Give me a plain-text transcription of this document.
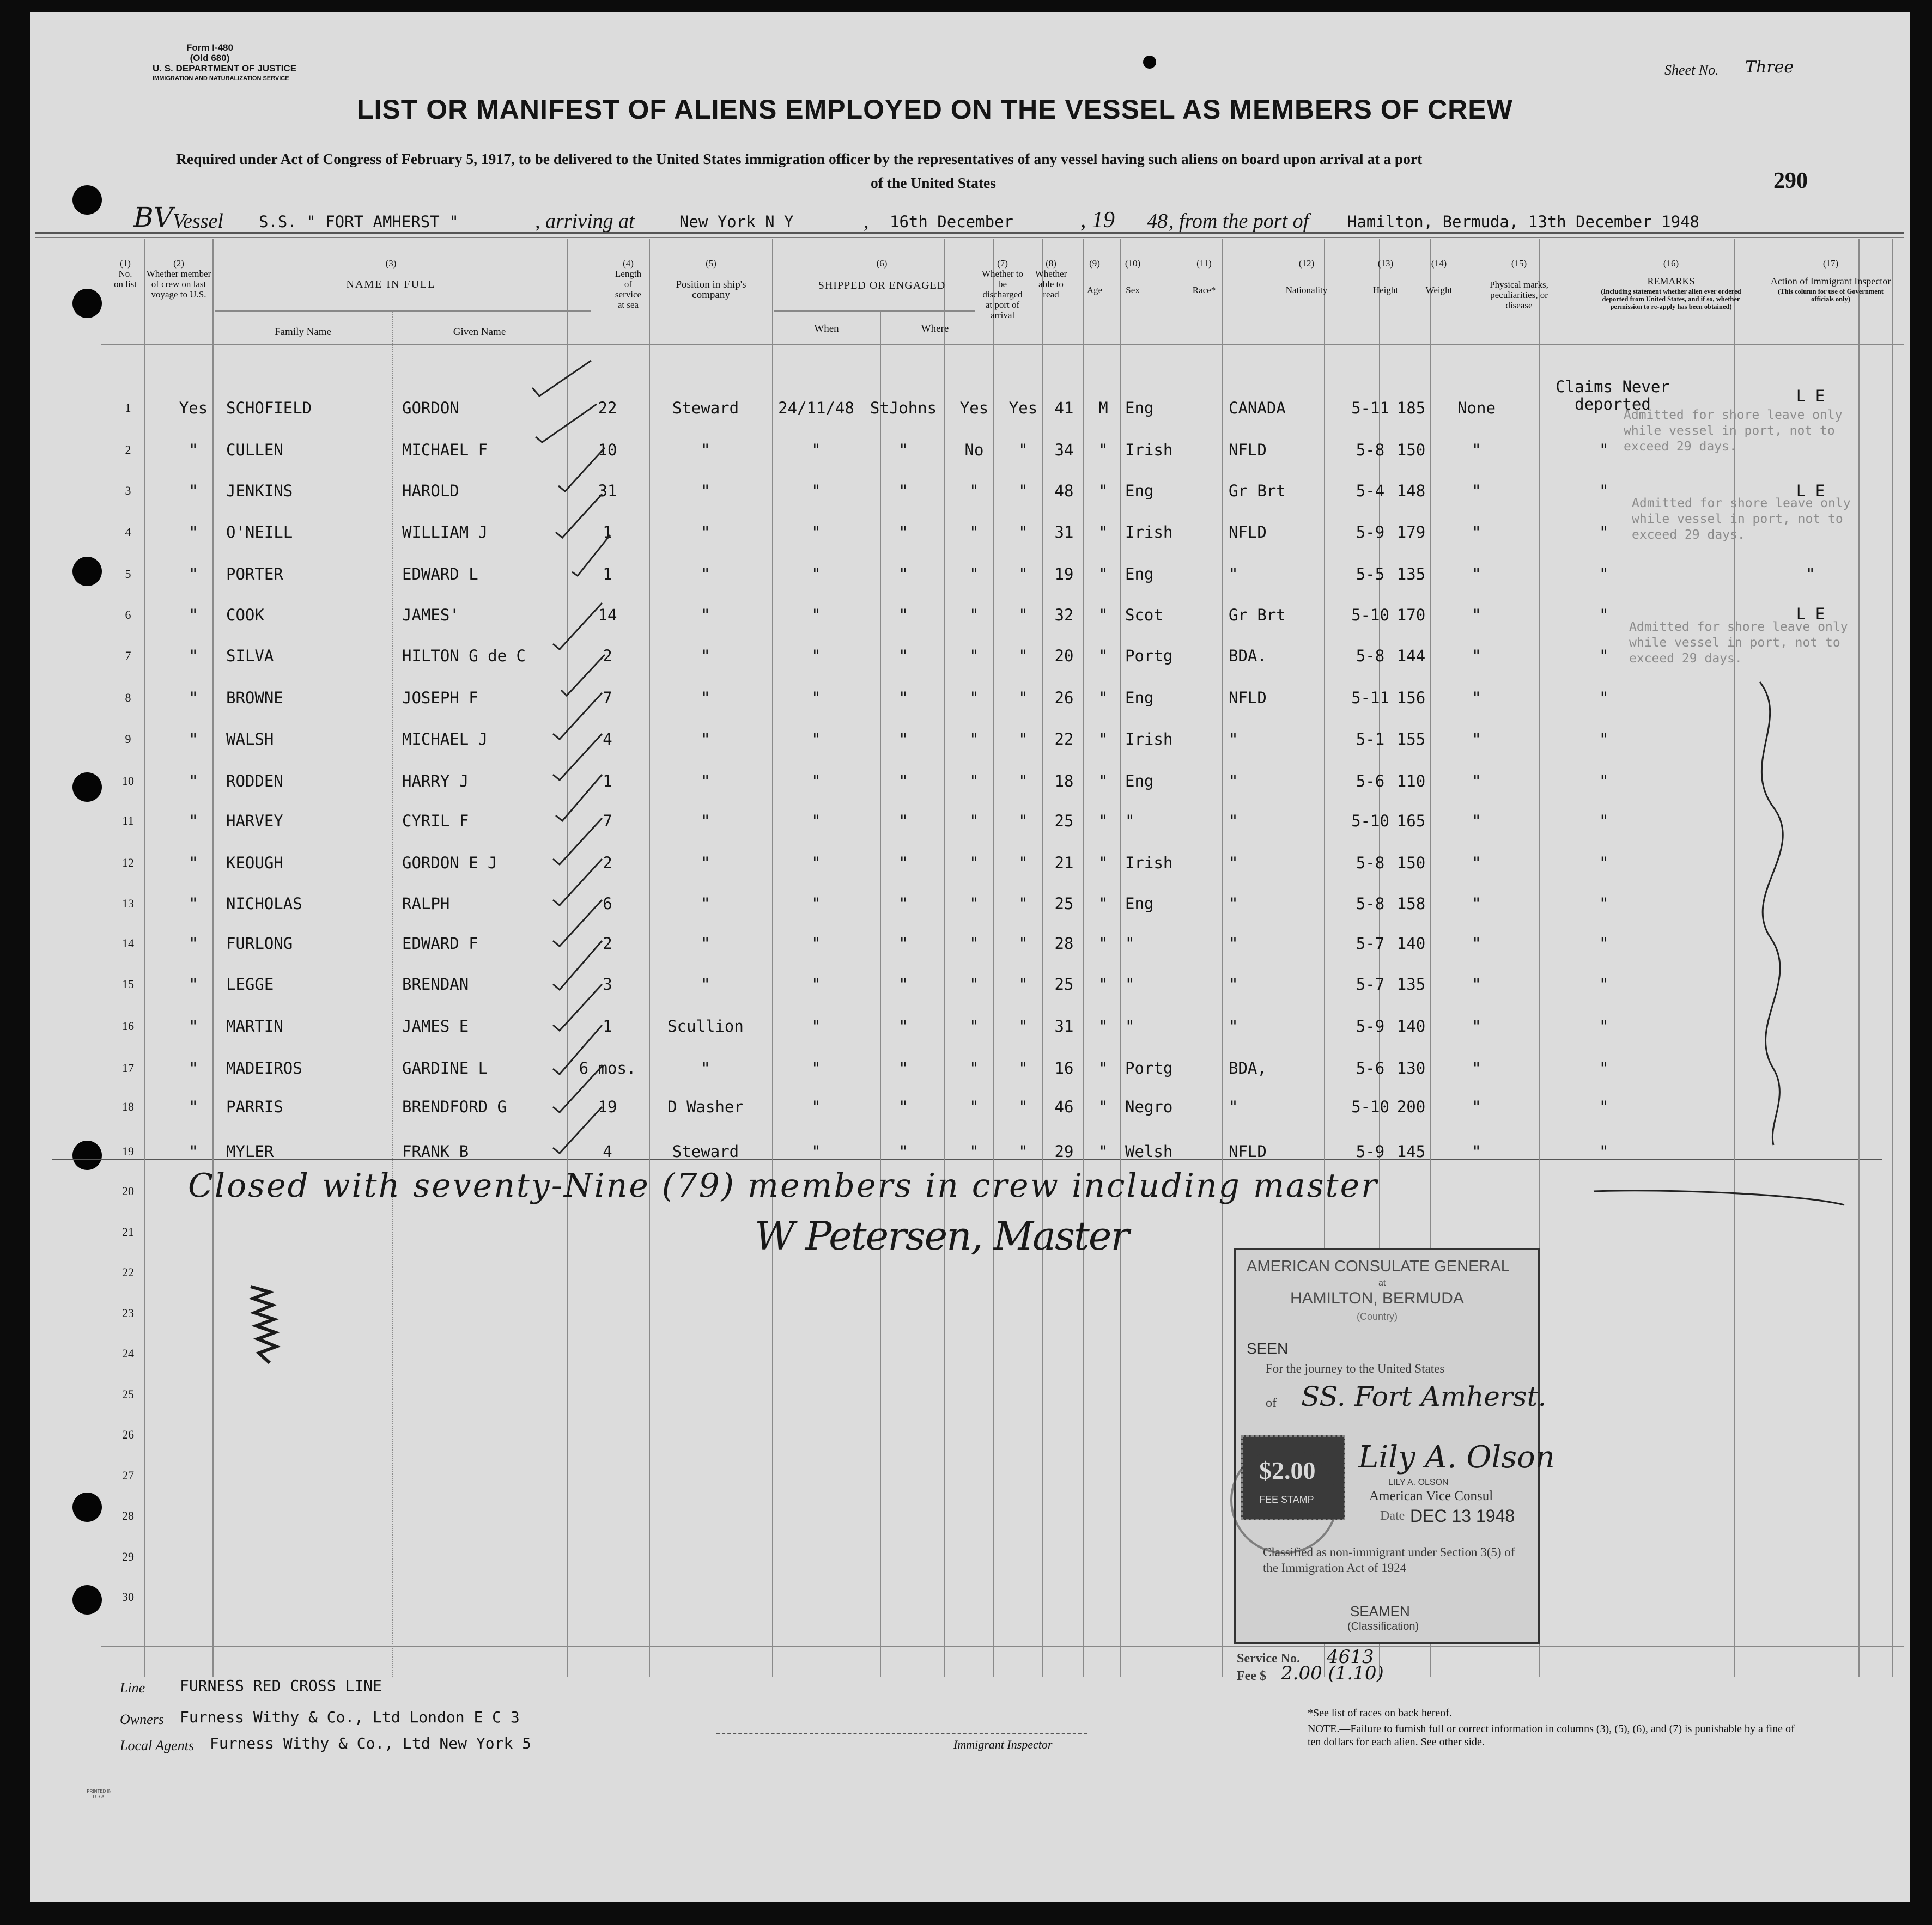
Form I-480
(Old 680)
U. S. DEPARTMENT OF JUSTICE
IMMIGRATION AND NATURALIZATION SERVICE
Sheet No. Three
LIST OR MANIFEST OF ALIENS EMPLOYED ON THE VESSEL AS MEMBERS OF CREW
Required under Act of Congress of February 5, 1917, to be delivered to the United States immigration officer by the representatives of any vessel having such aliens on board upon arrival at a port
of the United States	290
BV Vessel S.S. " FORT AMHERST "	, arriving at	New York N Y	, 16th December	, 19 48 , from the port of Hamilton, Bermuda, 13th December 1948
(1)
No. on list
(2)
Whether member of crew on last voyage to U.S.
(3)
NAME IN FULL
Family Name	Given Name
(4)
Length of service at sea
(5)
Position in ship's company
(6)
SHIPPED OR ENGAGED
When	Where
(7)
Whether to be discharged at port of arrival
(8)
Whether able to read
(9)
Age
(10)
Sex
(11)
Race*
(12)
Nationality
(13)
Height
(14)
Weight
(15)
Physical marks, peculiarities, or disease
(16)
REMARKS
(Including statement whether alien ever ordered deported from United States, and if so, whether permission to re-apply has been obtained)
(17)
Action of Immigrant Inspector
(This column for use of Government officials only)
1	Yes	SCHOFIELD	GORDON	22	Steward	24/11/48	StJohns	Yes	Yes	41	M	Eng	CANADA	5-11 185	None
2	"	CULLEN	MICHAEL F	10	"	"	"	No	"	34	"	Irish	NFLD	5-8 150	"	"
3	"	JENKINS	HAROLD	31	"	"	"	"	"	48	"	Eng	Gr Brt	5-4 148	"	"
4	"	O'NEILL	WILLIAM J	1	"	"	"	"	"	31	"	Irish	NFLD	5-9 179	"	"
5	"	PORTER	EDWARD L	1	"	"	"	"	"	19	"	Eng	"	5-5 135	"	"
"
6	"	COOK	JAMES'	14	"	"	"	"	"	32	"	Scot	Gr Brt	5-10 170	"	"
7	"	SILVA	HILTON G de C	2	"	"	"	"	"	20	"	Portg	BDA.	5-8 144	"	"
8	"	BROWNE	JOSEPH F	7	"	"	"	"	"	26	"	Eng	NFLD	5-11 156	"	"
9	"	WALSH	MICHAEL J	4	"	"	"	"	"	22	"	Irish	"	5-1 155	"	"
10	"	RODDEN	HARRY J	1	"	"	"	"	"	18	"	Eng	"	5-6 110	"	"
11	"	HARVEY	CYRIL F	7	"	"	"	"	"	25	"	"	"	5-10 165	"	"
12	"	KEOUGH	GORDON E J	2	"	"	"	"	"	21	"	Irish	"	5-8 150	"	"
13	"	NICHOLAS	RALPH	6	"	"	"	"	"	25	"	Eng	"	5-8 158	"	"
14	"	FURLONG	EDWARD F	2	"	"	"	"	"	28	"	"	"	5-7 140	"	"
15	"	LEGGE	BRENDAN	3	"	"	"	"	"	25	"	"	"	5-7 135	"	"
16	"	MARTIN	JAMES E	1	Scullion	"	"	"	"	31	"	"	"	5-9 140	"	"
17	"	MADEIROS	GARDINE L	6 mos.	"	"	"	"	"	16	"	Portg	BDA,	5-6 130	"	"
18	"	PARRIS	BRENDFORD G	19	D Washer	"	"	"	"	46	"	Negro	"	5-10 200	"	"
19	"	MYLER	FRANK B	4	Steward	"	"	"	"	29	"	Welsh	NFLD	5-9 145	"	"
L E
L E
L E
Claims Never deported
Admitted for shore leave only while vessel in port, not to exceed 29 days.
Admitted for shore leave only while vessel in port, not to exceed 29 days.
Admitted for shore leave only while vessel in port, not to exceed 29 days.
20
21
22
23
24
25
26
27
28
29
30
Closed with seventy-Nine (79) members in crew including master
W Petersen, Master
AMERICAN CONSULATE GENERAL
at
HAMILTON, BERMUDA
(Country)
SEEN
For the journey to the United States
of SS. Fort Amherst.
$2.00
FEE STAMP
Lily A. Olson
LILY A. OLSON
American Vice Consul
Date DEC 13 1948
Classified as non-immigrant under Section 3(5) of the Immigration Act of 1924
SEAMEN
(Classification)
Service No. 4613
Fee $ 2.00 (1.10)
Line FURNESS RED CROSS LINE
Owners Furness Withy & Co., Ltd London E C 3
Local Agents Furness Withy & Co., Ltd New York 5	Immigrant Inspector
*See list of races on back hereof.
NOTE.—Failure to furnish full or correct information in columns (3), (5), (6), and (7) is punishable by a fine of ten dollars for each alien. See other side.
PRINTED IN U.S.A.
